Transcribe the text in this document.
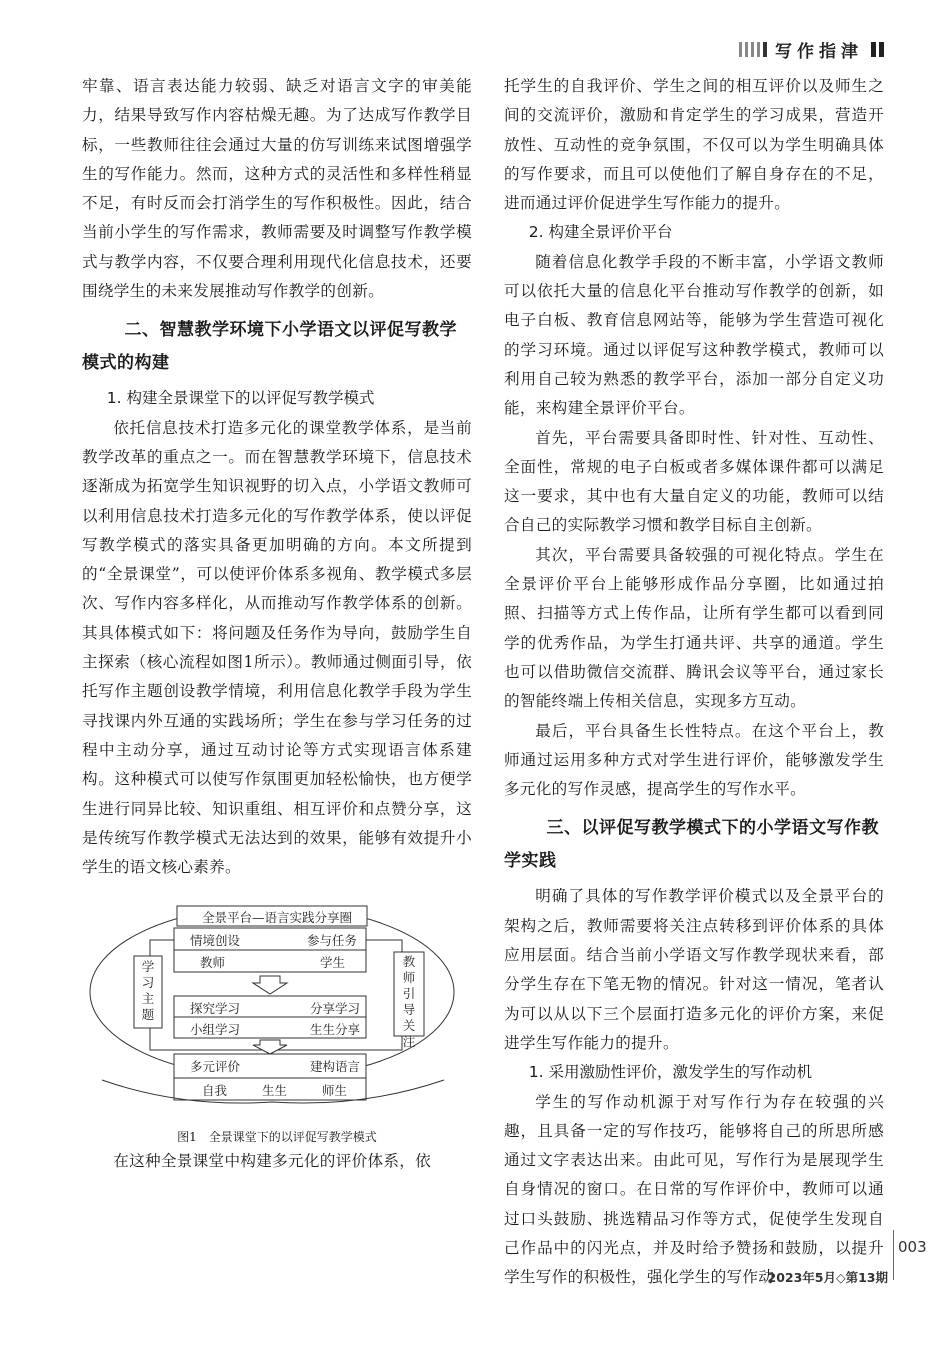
写作指津

牢靠、语言表达能力较弱、缺乏对语言文字的审美能力，结果导致写作内容枯燥无趣。为了达成写作教学目标，一些教师往往会通过大量的仿写训练来试图增强学生的写作能力。然而，这种方式的灵活性和多样性稍显不足，有时反而会打消学生的写作积极性。因此，结合当前小学生的写作需求，教师需要及时调整写作教学模式与教学内容，不仅要合理利用现代化信息技术，还要围绕学生的未来发展推动写作教学的创新。

二、智慧教学环境下小学语文以评促写教学模式的构建
1. 构建全景课堂下的以评促写教学模式

依托信息技术打造多元化的课堂教学体系，是当前教学改革的重点之一。而在智慧教学环境下，信息技术逐渐成为拓宽学生知识视野的切入点，小学语文教师可以利用信息技术打造多元化的写作教学体系，使以评促写教学模式的落实具备更加明确的方向。本文所提到的“全景课堂”，可以使评价体系多视角、教学模式多层次、写作内容多样化，从而推动写作教学体系的创新。其具体模式如下：将问题及任务作为导向，鼓励学生自主探索（核心流程如图1所示）。教师通过侧面引导，依托写作主题创设教学情境，利用信息化教学手段为学生寻找课内外互通的实践场所；学生在参与学习任务的过程中主动分享，通过互动讨论等方式实现语言体系建构。这种模式可以使写作氛围更加轻松愉快，也方便学生进行同异比较、知识重组、相互评价和点赞分享，这是传统写作教学模式无法达到的效果，能够有效提升小学生的语文核心素养。

全景平台—语言实践分享圈
学习主题
教师引导关注
情境创设	参与任务
教师	学生
探究学习	分享学习
小组学习	生生分享
多元评价	建构语言
自我	生生	师生
图1　全景课堂下的以评促写教学模式

在这种全景课堂中构建多元化的评价体系，依

托学生的自我评价、学生之间的相互评价以及师生之间的交流评价，激励和肯定学生的学习成果，营造开放性、互动性的竞争氛围，不仅可以为学生明确具体的写作要求，而且可以使他们了解自身存在的不足，进而通过评价促进学生写作能力的提升。

2. 构建全景评价平台

随着信息化教学手段的不断丰富，小学语文教师可以依托大量的信息化平台推动写作教学的创新，如电子白板、教育信息网站等，能够为学生营造可视化的学习环境。通过以评促写这种教学模式，教师可以利用自己较为熟悉的教学平台，添加一部分自定义功能，来构建全景评价平台。

首先，平台需要具备即时性、针对性、互动性、全面性，常规的电子白板或者多媒体课件都可以满足这一要求，其中也有大量自定义的功能，教师可以结合自己的实际教学习惯和教学目标自主创新。

其次，平台需要具备较强的可视化特点。学生在全景评价平台上能够形成作品分享圈，比如通过拍照、扫描等方式上传作品，让所有学生都可以看到同学的优秀作品，为学生打通共评、共享的通道。学生也可以借助微信交流群、腾讯会议等平台，通过家长的智能终端上传相关信息，实现多方互动。

最后，平台具备生长性特点。在这个平台上，教师通过运用多种方式对学生进行评价，能够激发学生多元化的写作灵感，提高学生的写作水平。

三、以评促写教学模式下的小学语文写作教学实践

明确了具体的写作教学评价模式以及全景平台的架构之后，教师需要将关注点转移到评价体系的具体应用层面。结合当前小学语文写作教学现状来看，部分学生存在下笔无物的情况。针对这一情况，笔者认为可以从以下三个层面打造多元化的评价方案，来促进学生写作能力的提升。

1. 采用激励性评价，激发学生的写作动机

学生的写作动机源于对写作行为存在较强的兴趣，且具备一定的写作技巧，能够将自己的所思所感通过文字表达出来。由此可见，写作行为是展现学生自身情况的窗口。在日常的写作评价中，教师可以通过口头鼓励、挑选精品习作等方式，促使学生发现自己作品中的闪光点，并及时给予赞扬和鼓励，以提升学生写作的积极性，强化学生的写作动

003
2023年5月◇第13期
